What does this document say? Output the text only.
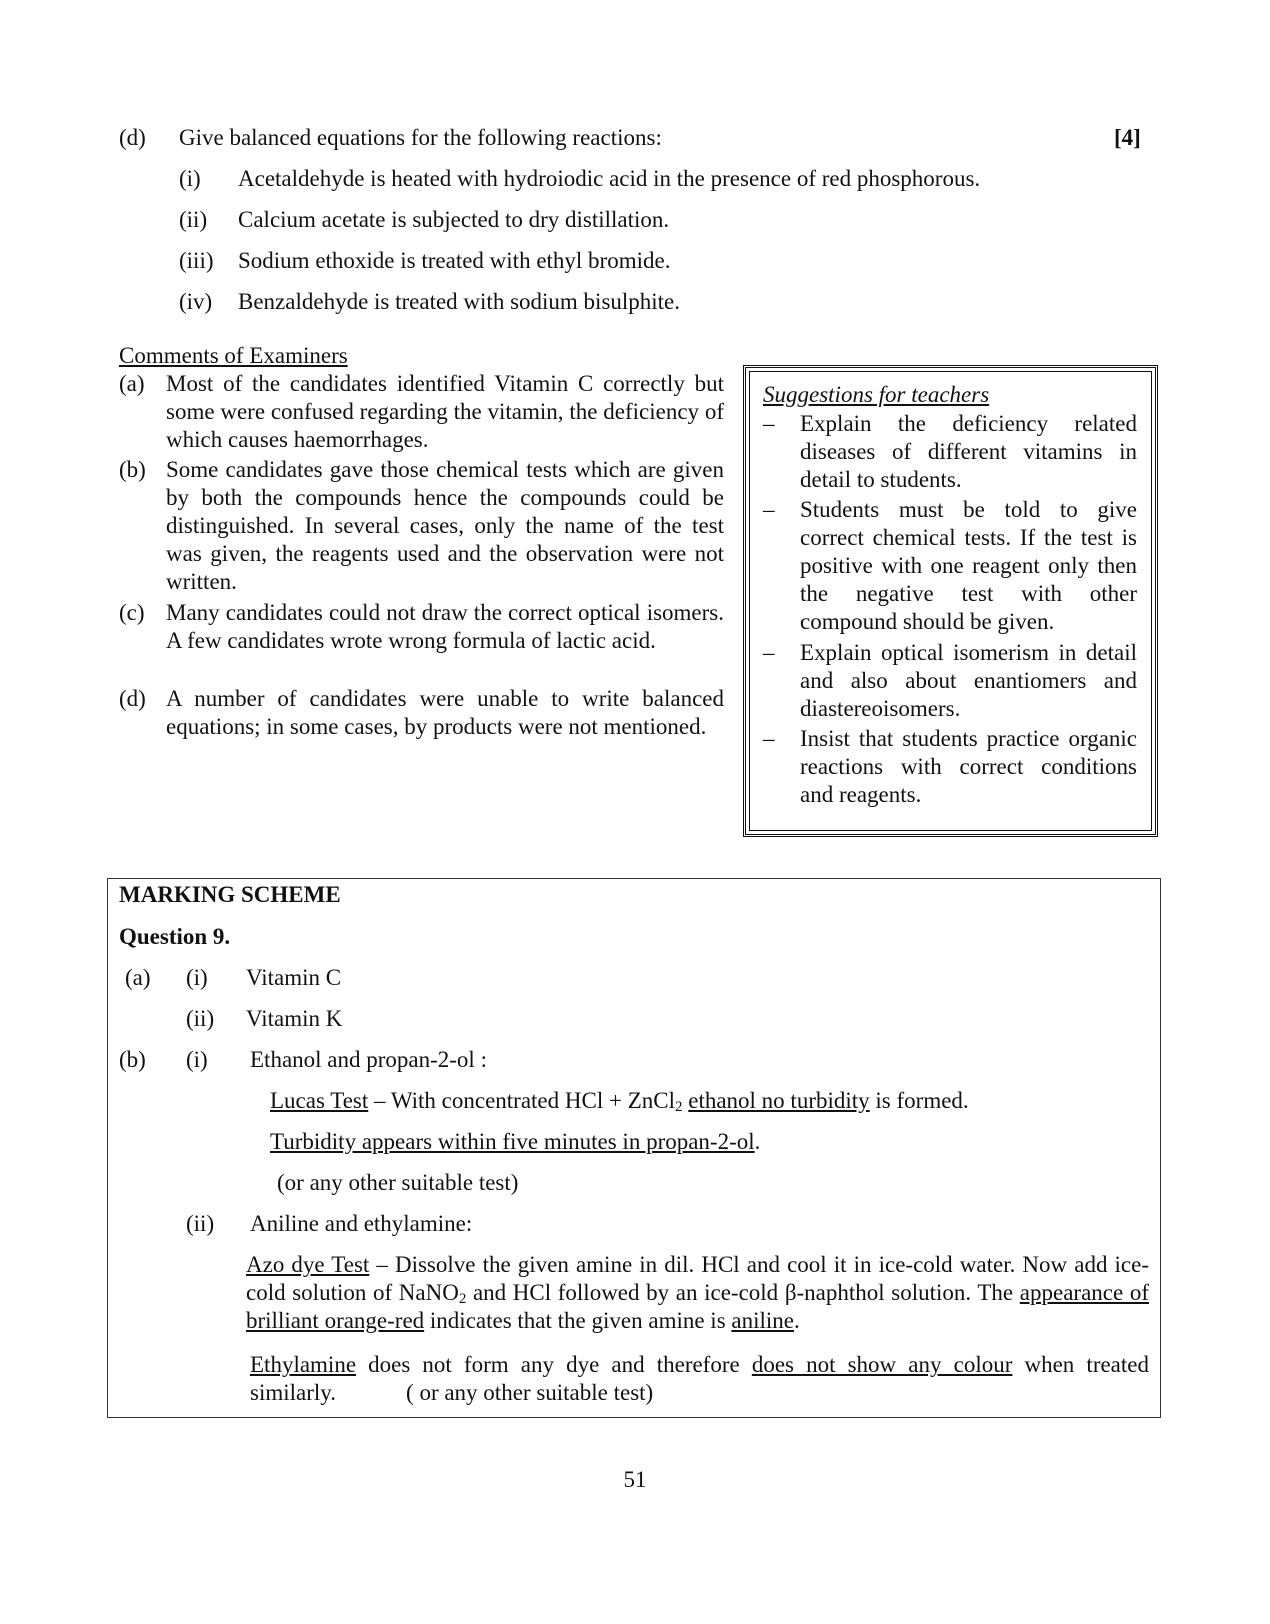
(d) Give balanced equations for the following reactions:	[4]
(i)	Acetaldehyde is heated with hydroiodic acid in the presence of red phosphorous.
(ii)	Calcium acetate is subjected to dry distillation.
(iii)	Sodium ethoxide is treated with ethyl bromide.
(iv)	Benzaldehyde is treated with sodium bisulphite.
Comments of Examiners
(a) Most of the candidates identified Vitamin C correctly but some were confused regarding the vitamin, the deficiency of which causes haemorrhages.
(b) Some candidates gave those chemical tests which are given by both the compounds hence the compounds could be distinguished. In several cases, only the name of the test was given, the reagents used and the observation were not written.
(c) Many candidates could not draw the correct optical isomers. A few candidates wrote wrong formula of lactic acid.
(d) A number of candidates were unable to write balanced equations; in some cases, by products were not mentioned.
Suggestions for teachers
– Explain the deficiency related diseases of different vitamins in detail to students.
– Students must be told to give correct chemical tests. If the test is positive with one reagent only then the negative test with other compound should be given.
– Explain optical isomerism in detail and also about enantiomers and diastereoisomers.
– Insist that students practice organic reactions with correct conditions and reagents.
MARKING SCHEME
Question 9.
(a) (i) Vitamin C
(ii) Vitamin K
(b) (i) Ethanol and propan-2-ol :
Lucas Test – With concentrated HCl + ZnCl$_2$ ethanol no turbidity is formed.
Turbidity appears within five minutes in propan-2-ol.
(or any other suitable test)
(ii) Aniline and ethylamine:
Azo dye Test – Dissolve the given amine in dil. HCl and cool it in ice-cold water. Now add ice-cold solution of NaNO$_2$ and HCl followed by an ice-cold β-naphthol solution. The appearance of brilliant orange-red indicates that the given amine is aniline.
Ethylamine does not form any dye and therefore does not show any colour when treated similarly.	( or any other suitable test)
51
